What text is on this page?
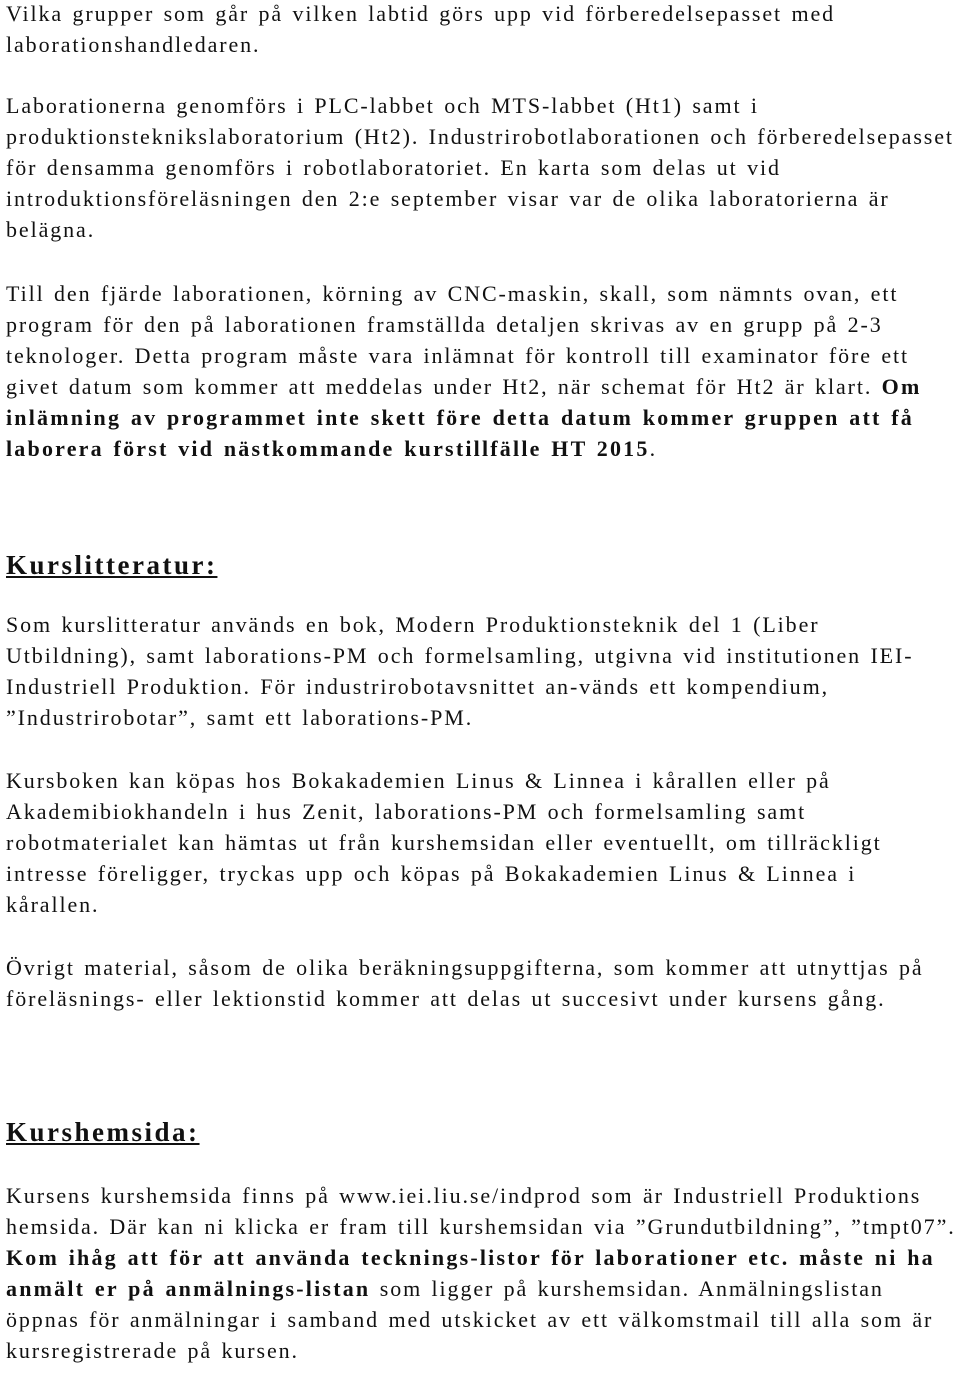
Vilka grupper som går på vilken labtid görs upp vid förberedelsepasset med laborationshandledaren.

Laborationerna genomförs i PLC-labbet och MTS-labbet (Ht1) samt i produktionsteknikslaboratorium (Ht2). Industrirobotlaborationen och förberedelsepasset för densamma genomförs i robotlaboratoriet. En karta som delas ut vid introduktionsföreläsningen den 2:e september visar var de olika laboratorierna är belägna.

Till den fjärde laborationen, körning av CNC-maskin, skall, som nämnts ovan, ett program för den på laborationen framställda detaljen skrivas av en grupp på 2-3 teknologer. Detta program måste vara inlämnat för kontroll till examinator före ett givet datum som kommer att meddelas under Ht2, när schemat för Ht2 är klart. Om inlämning av programmet inte skett före detta datum kommer gruppen att få laborera först vid nästkommande kurstillfälle HT 2015.

Kurslitteratur:

Som kurslitteratur används en bok, Modern Produktionsteknik del 1 (Liber Utbildning), samt laborations-PM och formelsamling, utgivna vid institutionen IEI-Industriell Produktion. För industrirobotavsnittet an-vänds ett kompendium, ”Industrirobotar”, samt ett laborations-PM.

Kursboken kan köpas hos Bokakademien Linus & Linnea i kårallen eller på Akademibiokhandeln i hus Zenit, laborations-PM och formelsamling samt robotmaterialet kan hämtas ut från kurshemsidan eller eventuellt, om tillräckligt intresse föreligger, tryckas upp och köpas på Bokakademien Linus & Linnea i kårallen.

Övrigt material, såsom de olika beräkningsuppgifterna, som kommer att utnyttjas på föreläsnings- eller lektionstid kommer att delas ut succesivt under kursens gång.

Kurshemsida:

Kursens kurshemsida finns på www.iei.liu.se/indprod som är Industriell Produktions hemsida. Där kan ni klicka er fram till kurshemsidan via ”Grundutbildning”, ”tmpt07”. Kom ihåg att för att använda tecknings-listor för laborationer etc. måste ni ha anmält er på anmälnings-listan som ligger på kurshemsidan. Anmälningslistan öppnas för anmälningar i samband med utskicket av ett välkomstmail till alla som är kursregistrerade på kursen.
